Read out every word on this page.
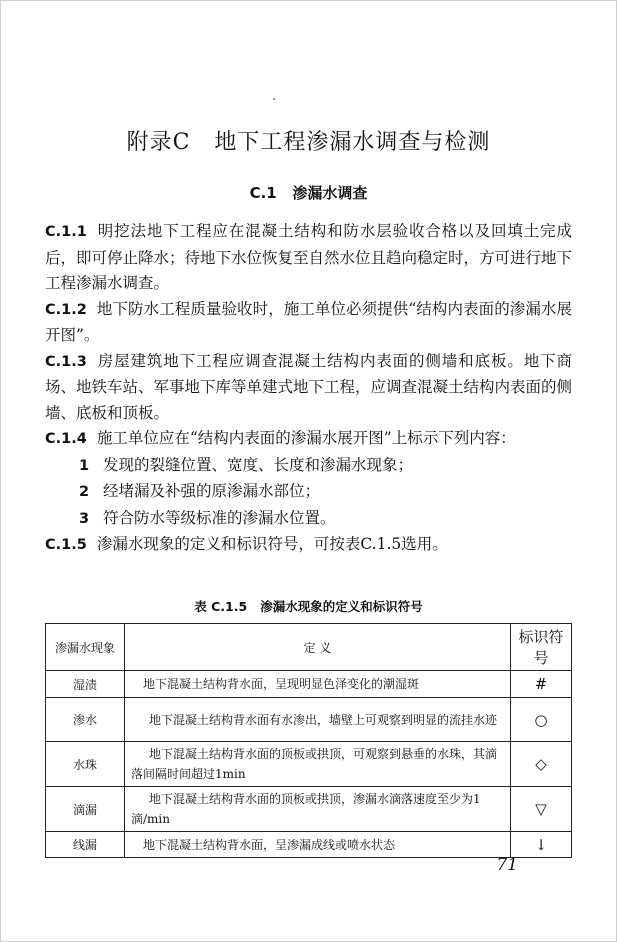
附录C   地下工程渗漏水调查与检测
C.1   渗漏水调查

C.1.1 明挖法地下工程应在混凝土结构和防水层验收合格以及回填土完成后，即可停止降水；待地下水位恢复至自然水位且趋向稳定时，方可进行地下工程渗漏水调查。

C.1.2 地下防水工程质量验收时，施工单位必须提供“结构内表面的渗漏水展开图”。

C.1.3 房屋建筑地下工程应调查混凝土结构内表面的侧墙和底板。地下商场、地铁车站、军事地下库等单建式地下工程，应调查混凝土结构内表面的侧墙、底板和顶板。

C.1.4 施工单位应在“结构内表面的渗漏水展开图”上标示下列内容：

1 发现的裂缝位置、宽度、长度和渗漏水现象；

2 经堵漏及补强的原渗漏水部位；

3 符合防水等级标准的渗漏水位置。

C.1.5 渗漏水现象的定义和标识符号，可按表C.1.5选用。

表 C.1.5   渗漏水现象的定义和标识符号
渗漏水现象	定 义	标识符号
湿渍	地下混凝土结构背水面，呈现明显色泽变化的潮湿斑	#
渗水	地下混凝土结构背水面有水渗出，墙壁上可观察到明显的流挂水迹	○
水珠	地下混凝土结构背水面的顶板或拱顶，可观察到悬垂的水珠，其滴落间隔时间超过1min	◇
滴漏	地下混凝土结构背水面的顶板或拱顶，渗漏水滴落速度至少为1滴/min	▽
线漏	地下混凝土结构背水面，呈渗漏成线或喷水状态	↓
71
